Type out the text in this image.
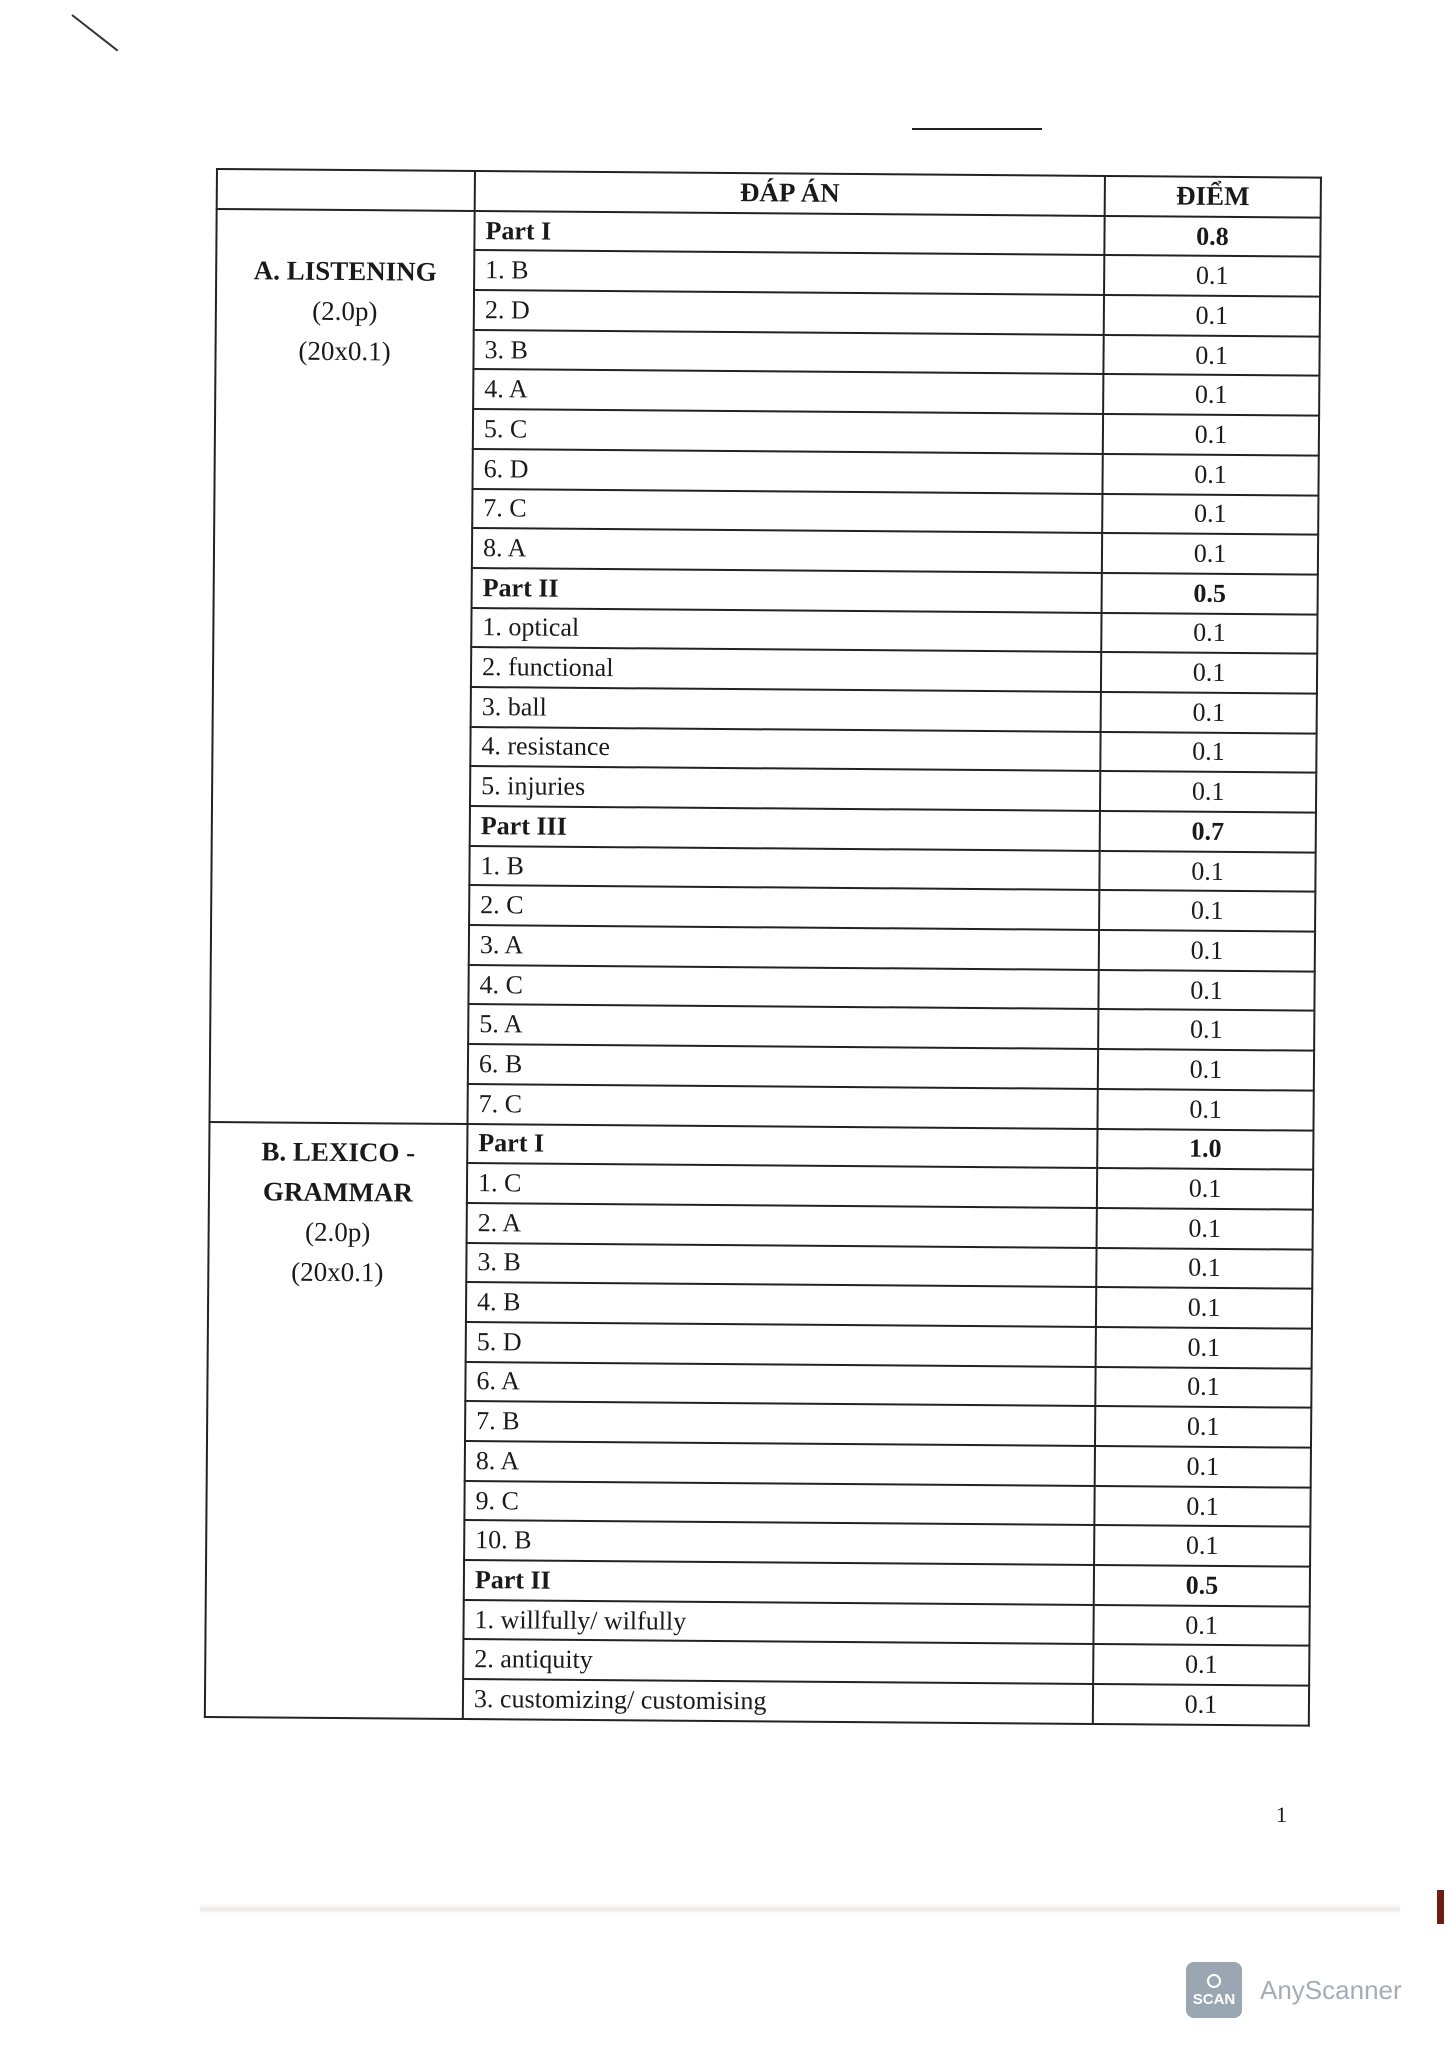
	ĐÁP ÁN	ĐIỂM

A. LISTENING
(2.0p)
(20x0.1)	Part I	0.8
	1. B	0.1
	2. D	0.1
	3. B	0.1
	4. A	0.1
	5. C	0.1
	6. D	0.1
	7. C	0.1
	8. A	0.1
	Part II	0.5
	1. optical	0.1
	2. functional	0.1
	3. ball	0.1
	4. resistance	0.1
	5. injuries	0.1
	Part III	0.7
	1. B	0.1
	2. C	0.1
	3. A	0.1
	4. C	0.1
	5. A	0.1
	6. B	0.1
	7. C	0.1

B. LEXICO - GRAMMAR
(2.0p)
(20x0.1)	Part I	1.0
	1. C	0.1
	2. A	0.1
	3. B	0.1
	4. B	0.1
	5. D	0.1
	6. A	0.1
	7. B	0.1
	8. A	0.1
	9. C	0.1
	10. B	0.1
	Part II	0.5
	1. willfully/ wilfully	0.1
	2. antiquity	0.1
	3. customizing/ customising	0.1
1
SCAN AnyScanner
